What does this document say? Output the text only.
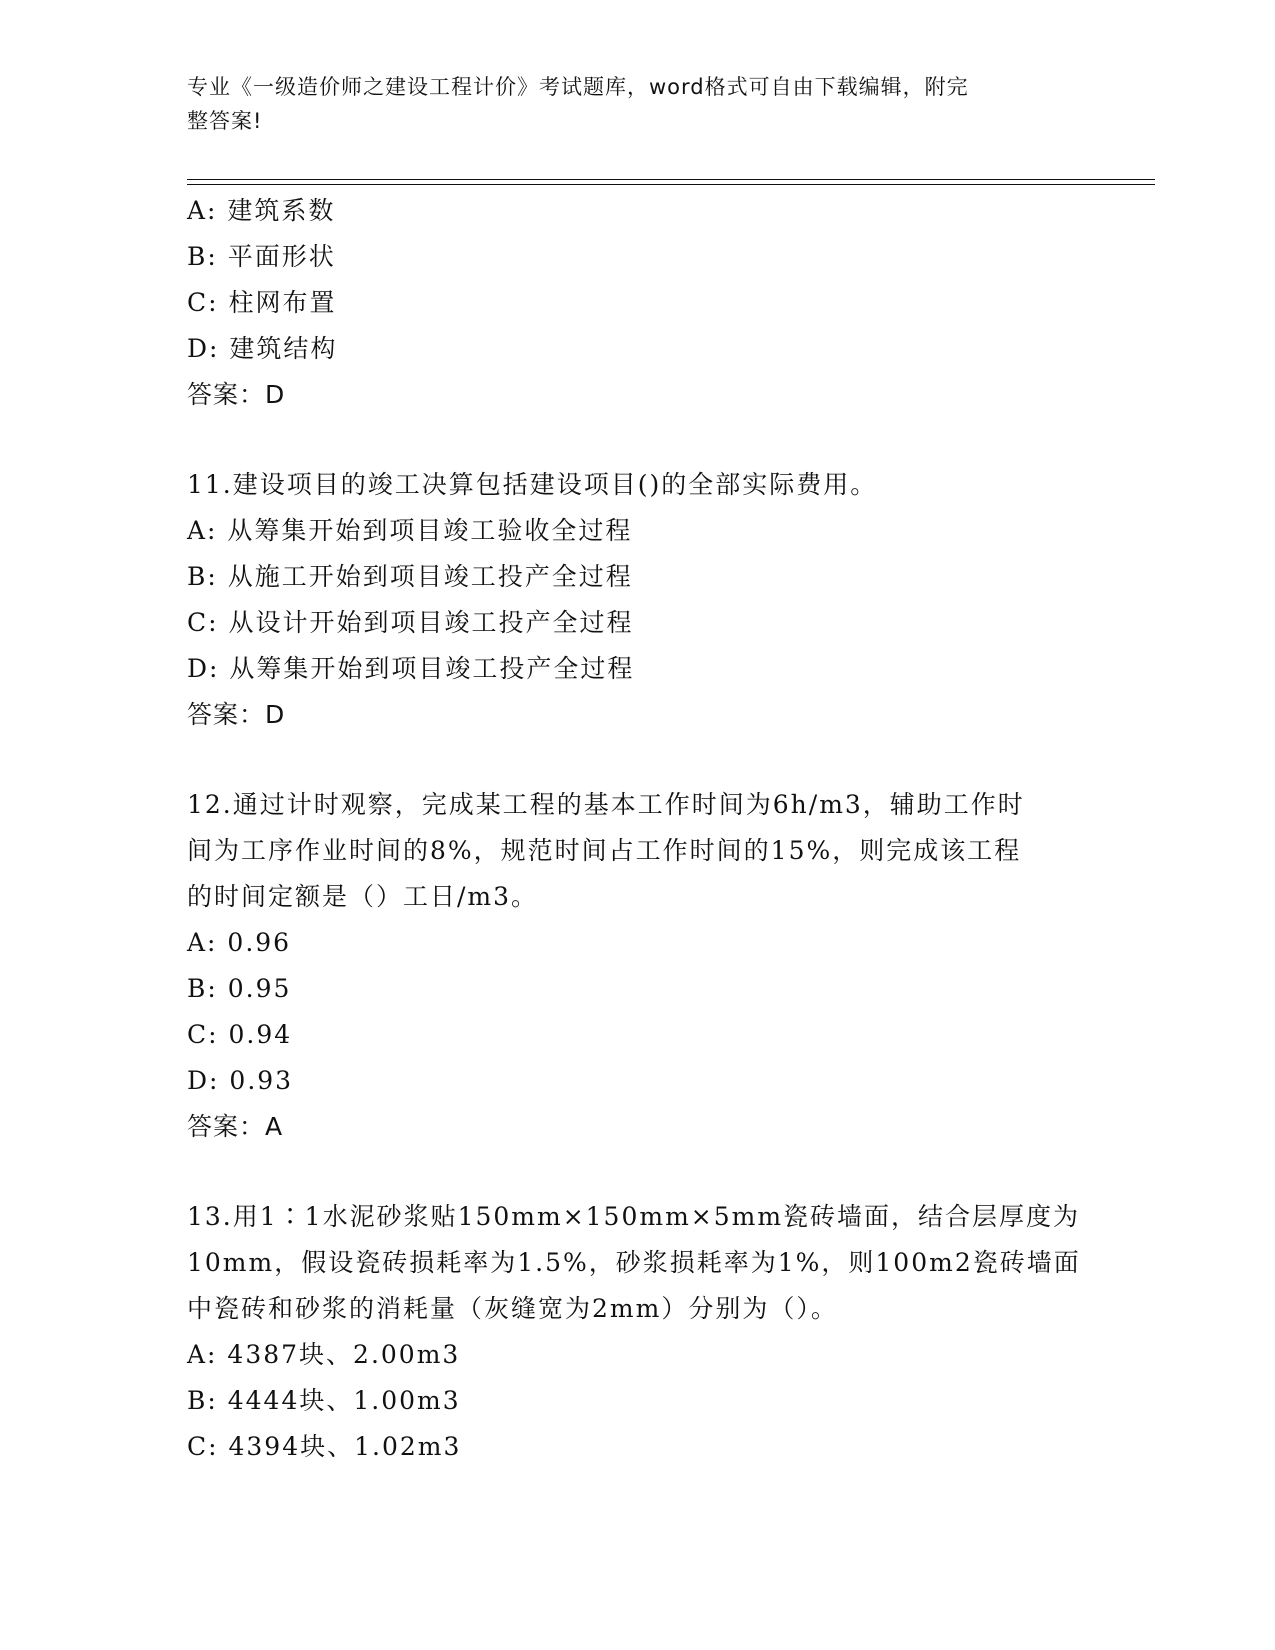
专业《一级造价师之建设工程计价》考试题库，word格式可自由下载编辑，附完
整答案!
A: 建筑系数
B: 平面形状
C: 柱网布置
D: 建筑结构
答案：D
11.建设项目的竣工决算包括建设项目()的全部实际费用。
A: 从筹集开始到项目竣工验收全过程
B: 从施工开始到项目竣工投产全过程
C: 从设计开始到项目竣工投产全过程
D: 从筹集开始到项目竣工投产全过程
答案：D
12.通过计时观察，完成某工程的基本工作时间为6h/m3，辅助工作时
间为工序作业时间的8%，规范时间占工作时间的15%，则完成该工程
的时间定额是（）工日/m3。
A: 0.96
B: 0.95
C: 0.94
D: 0.93
答案：A
13.用1∶1水泥砂浆贴150mm×150mm×5mm瓷砖墙面，结合层厚度为
10mm，假设瓷砖损耗率为1.5%，砂浆损耗率为1%，则100m2瓷砖墙面
中瓷砖和砂浆的消耗量（灰缝宽为2mm）分别为（）。
A: 4387块、2.00m3
B: 4444块、1.00m3
C: 4394块、1.02m3
